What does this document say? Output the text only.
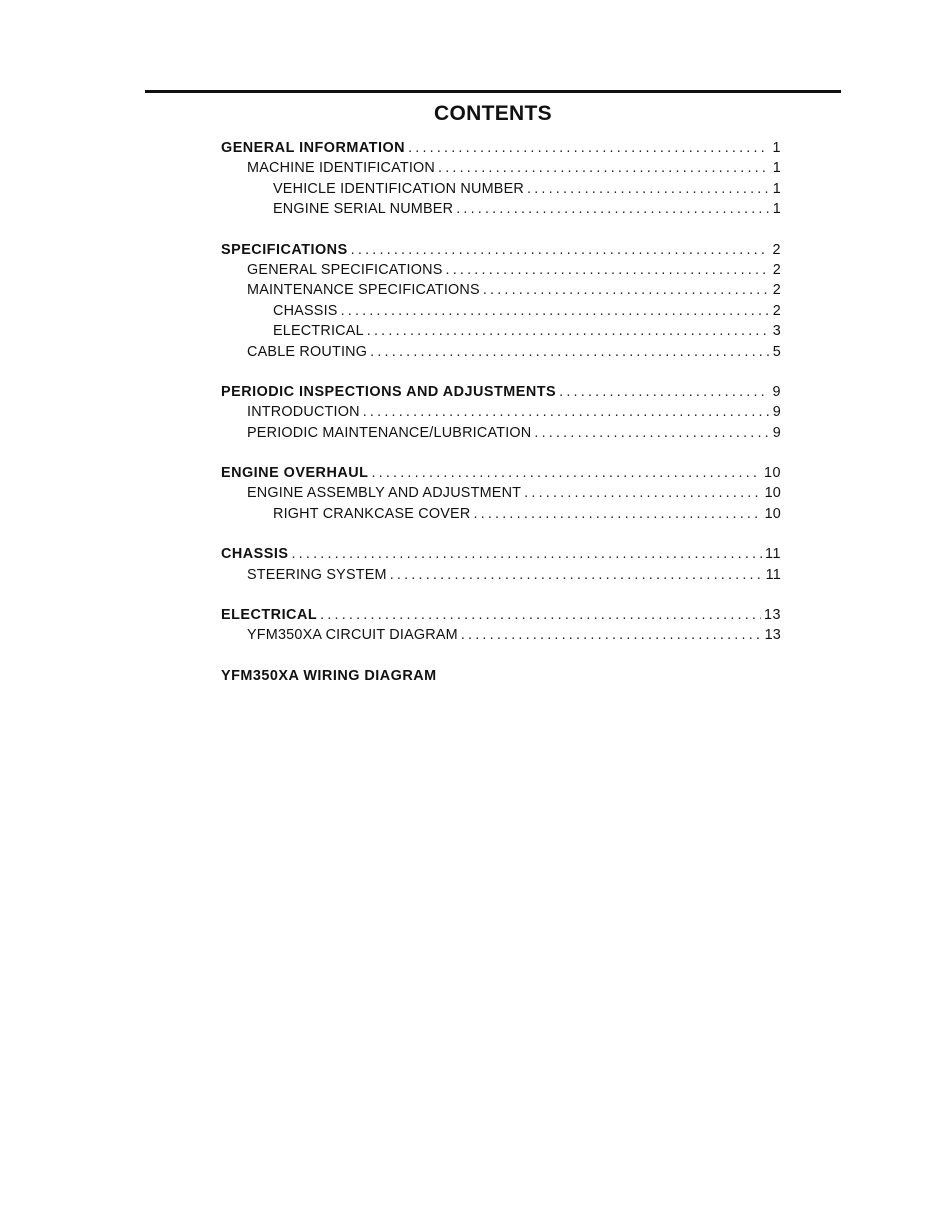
CONTENTS
GENERAL INFORMATION . . .	1
MACHINE IDENTIFICATION . . .	1
VEHICLE IDENTIFICATION NUMBER . . .	1
ENGINE SERIAL NUMBER . . .	1
SPECIFICATIONS . . .	2
GENERAL SPECIFICATIONS . . .	2
MAINTENANCE SPECIFICATIONS . . .	2
CHASSIS . . .	2
ELECTRICAL . . .	3
CABLE ROUTING . . .	5
PERIODIC INSPECTIONS AND ADJUSTMENTS . . .	9
INTRODUCTION . . .	9
PERIODIC MAINTENANCE/LUBRICATION . . .	9
ENGINE OVERHAUL . . .	10
ENGINE ASSEMBLY AND ADJUSTMENT . . .	10
RIGHT CRANKCASE COVER . . .	10
CHASSIS . . .	11
STEERING SYSTEM . . .	11
ELECTRICAL . . .	13
YFM350XA CIRCUIT DIAGRAM . . .	13
YFM350XA WIRING DIAGRAM
